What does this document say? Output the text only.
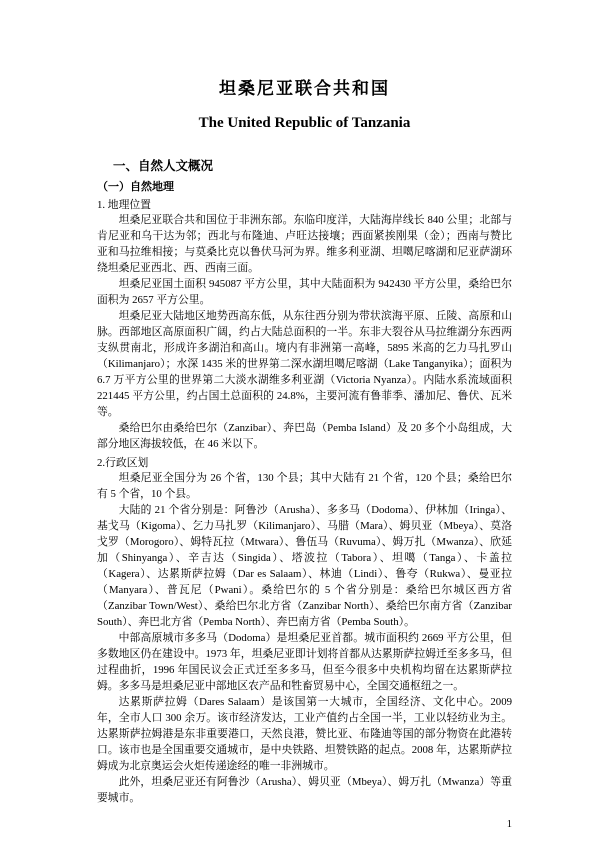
坦桑尼亚联合共和国
The United Republic of Tanzania
一、自然人文概况
（一）自然地理
1. 地理位置

坦桑尼亚联合共和国位于非洲东部。东临印度洋，大陆海岸线长 840 公里；北部与肯尼亚和乌干达为邻；西北与布隆迪、卢旺达接壤；西面紧挨刚果（金）；西南与赞比亚和马拉维相接；与莫桑比克以鲁伏马河为界。维多利亚湖、坦噶尼喀湖和尼亚萨湖环绕坦桑尼亚西北、西、西南三面。

坦桑尼亚国土面积 945087 平方公里，其中大陆面积为 942430 平方公里，桑给巴尔面积为 2657 平方公里。

坦桑尼亚大陆地区地势西高东低，从东往西分别为带状滨海平原、丘陵、高原和山脉。西部地区高原面积广阔，约占大陆总面积的一半。东非大裂谷从马拉维湖分东西两支纵贯南北，形成许多湖泊和高山。境内有非洲第一高峰，5895 米高的乞力马扎罗山（Kilimanjaro）；水深 1435 米的世界第二深水湖坦噶尼喀湖（Lake Tanganyika）；面积为 6.7 万平方公里的世界第二大淡水湖维多利亚湖（Victoria Nyanza）。内陆水系流域面积 221445 平方公里，约占国土总面积的 24.8%，主要河流有鲁菲季、潘加尼、鲁伏、瓦米等。

桑给巴尔由桑给巴尔（Zanzibar）、奔巴岛（Pemba Island）及 20 多个小岛组成，大部分地区海拔较低，在 46 米以下。

2.行政区划

坦桑尼亚全国分为 26 个省，130 个县；其中大陆有 21 个省，120 个县；桑给巴尔有 5 个省，10 个县。

大陆的 21 个省分别是：阿鲁沙（Arusha）、多多马（Dodoma）、伊林加（Iringa）、基戈马（Kigoma）、乞力马扎罗（Kilimanjaro）、马腊（Mara）、姆贝亚（Mbeya）、莫洛戈罗（Morogoro）、姆特瓦拉（Mtwara）、鲁伍马（Ruvuma）、姆万扎（Mwanza）、欣延加（Shinyanga）、辛吉达（Singida）、塔波拉（Tabora）、坦噶（Tanga）、卡盖拉（Kagera）、达累斯萨拉姆（Dar es Salaam）、林迪（Lindi）、鲁夸（Rukwa）、曼亚拉（Manyara）、普瓦尼（Pwani）。桑给巴尔的 5 个省分别是：桑给巴尔城区西方省（Zanzibar Town/West）、桑给巴尔北方省（Zanzibar North）、桑给巴尔南方省（Zanzibar South）、奔巴北方省（Pemba North）、奔巴南方省（Pemba South）。

中部高原城市多多马（Dodoma）是坦桑尼亚首都。城市面积约 2669 平方公里，但多数地区仍在建设中。1973 年，坦桑尼亚即计划将首都从达累斯萨拉姆迁至多多马，但过程曲折，1996 年国民议会正式迁至多多马，但至今很多中央机构均留在达累斯萨拉姆。多多马是坦桑尼亚中部地区农产品和牲畜贸易中心，全国交通枢纽之一。

达累斯萨拉姆（Dares Salaam）是该国第一大城市，全国经济、文化中心。2009 年，全市人口 300 余万。该市经济发达，工业产值约占全国一半，工业以轻纺业为主。达累斯萨拉姆港是东非重要港口，天然良港，赞比亚、布隆迪等国的部分物资在此港转口。该市也是全国重要交通城市，是中央铁路、坦赞铁路的起点。2008 年，达累斯萨拉姆成为北京奥运会火炬传递途经的唯一非洲城市。

此外，坦桑尼亚还有阿鲁沙（Arusha）、姆贝亚（Mbeya）、姆万扎（Mwanza）等重要城市。

1
